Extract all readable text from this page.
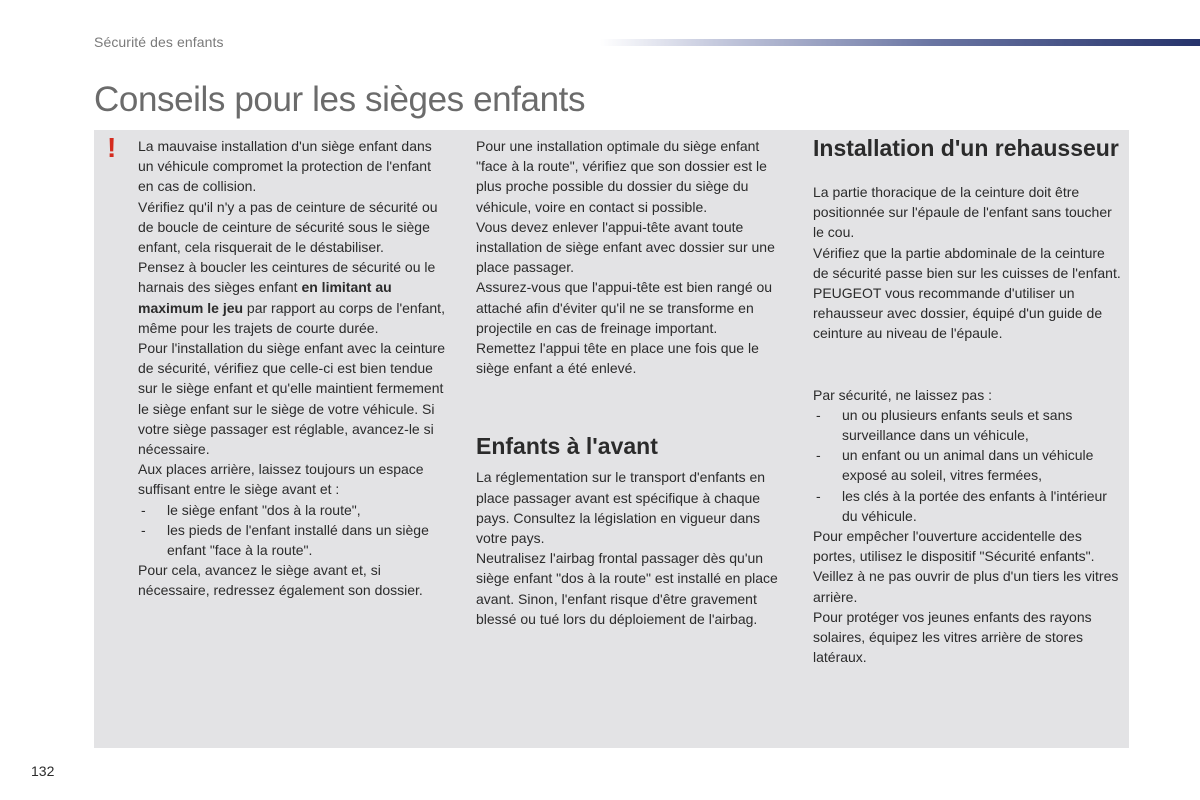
Sécurité des enfants
Conseils pour les sièges enfants
! La mauvaise installation d'un siège enfant dans un véhicule compromet la protection de l'enfant en cas de collision.

Vérifiez qu'il n'y a pas de ceinture de sécurité ou de boucle de ceinture de sécurité sous le siège enfant, cela risquerait de le déstabiliser.

Pensez à boucler les ceintures de sécurité ou le harnais des sièges enfant en limitant au maximum le jeu par rapport au corps de l'enfant, même pour les trajets de courte durée.

Pour l'installation du siège enfant avec la ceinture de sécurité, vérifiez que celle-ci est bien tendue sur le siège enfant et qu'elle maintient fermement le siège enfant sur le siège de votre véhicule. Si votre siège passager est réglable, avancez-le si nécessaire.

Aux places arrière, laissez toujours un espace suffisant entre le siège avant et :

- le siège enfant "dos à la route",
- les pieds de l'enfant installé dans un siège enfant "face à la route".

Pour cela, avancez le siège avant et, si nécessaire, redressez également son dossier.

Pour une installation optimale du siège enfant "face à la route", vérifiez que son dossier est le plus proche possible du dossier du siège du véhicule, voire en contact si possible.

Vous devez enlever l'appui-tête avant toute installation de siège enfant avec dossier sur une place passager.

Assurez-vous que l'appui-tête est bien rangé ou attaché afin d'éviter qu'il ne se transforme en projectile en cas de freinage important.

Remettez l'appui tête en place une fois que le siège enfant a été enlevé.

Enfants à l'avant

La réglementation sur le transport d'enfants en place passager avant est spécifique à chaque pays. Consultez la législation en vigueur dans votre pays.

Neutralisez l'airbag frontal passager dès qu'un siège enfant "dos à la route" est installé en place avant. Sinon, l'enfant risque d'être gravement blessé ou tué lors du déploiement de l'airbag.

Installation d'un rehausseur

La partie thoracique de la ceinture doit être positionnée sur l'épaule de l'enfant sans toucher le cou.

Vérifiez que la partie abdominale de la ceinture de sécurité passe bien sur les cuisses de l'enfant.

PEUGEOT vous recommande d'utiliser un rehausseur avec dossier, équipé d'un guide de ceinture au niveau de l'épaule.

Par sécurité, ne laissez pas :

- un ou plusieurs enfants seuls et sans surveillance dans un véhicule,
- un enfant ou un animal dans un véhicule exposé au soleil, vitres fermées,
- les clés à la portée des enfants à l'intérieur du véhicule.

Pour empêcher l'ouverture accidentelle des portes, utilisez le dispositif "Sécurité enfants".

Veillez à ne pas ouvrir de plus d'un tiers les vitres arrière.

Pour protéger vos jeunes enfants des rayons solaires, équipez les vitres arrière de stores latéraux.

132
